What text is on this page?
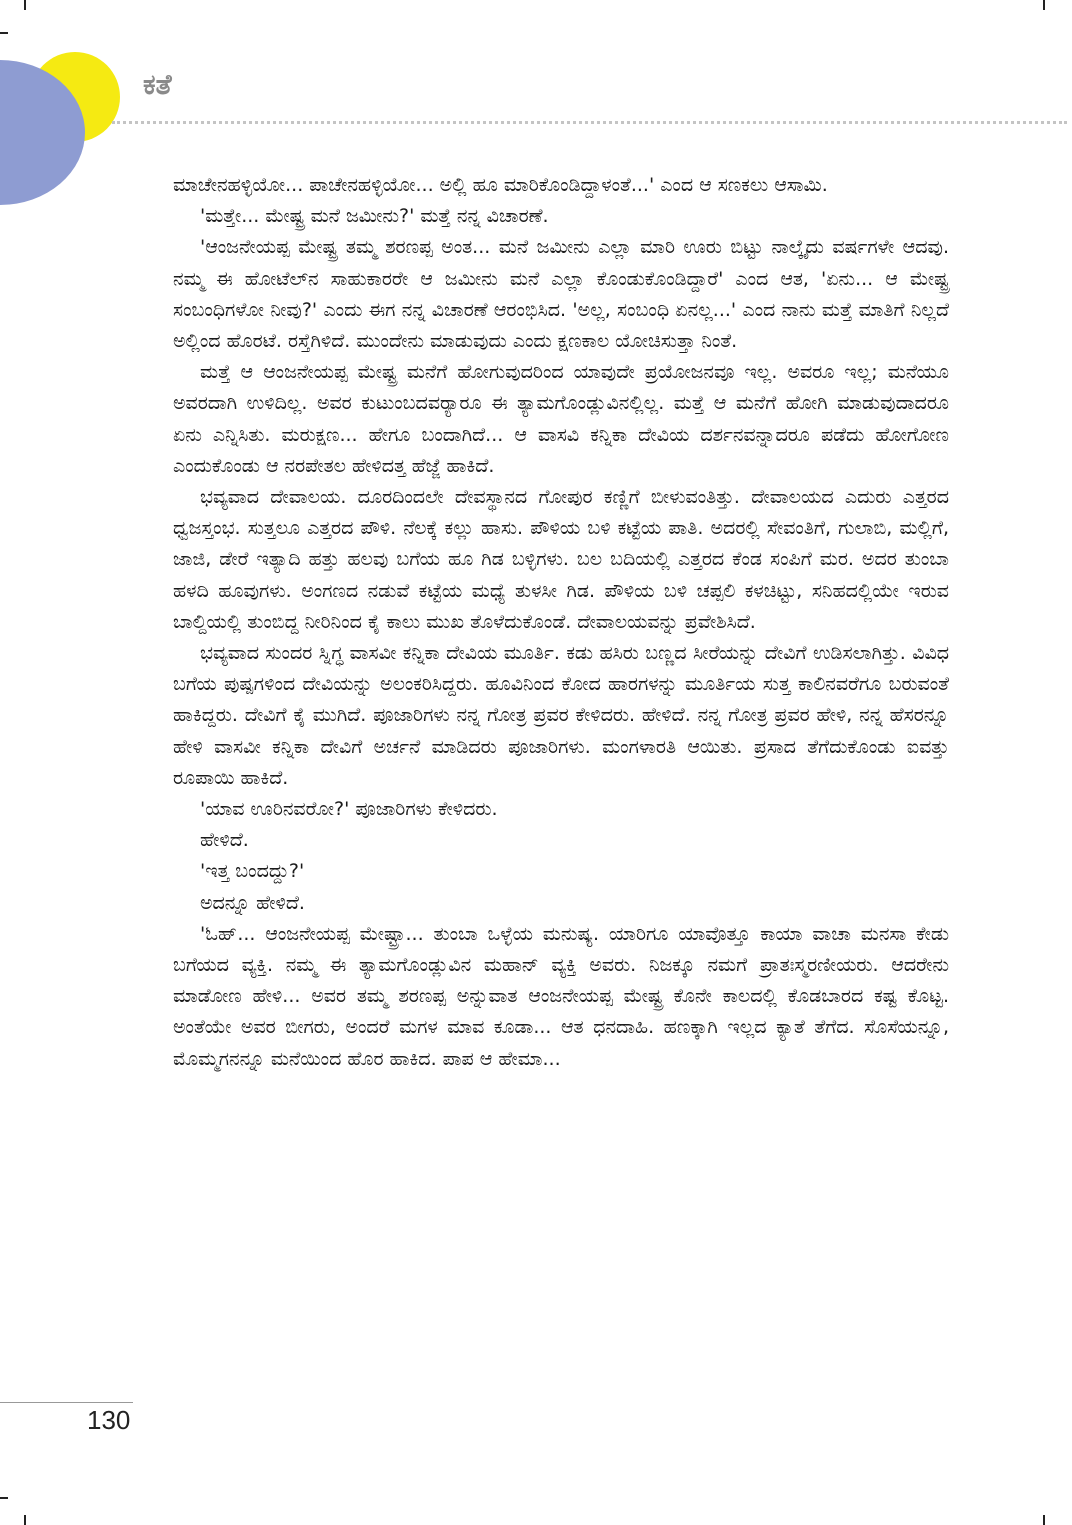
ಕತೆ

ಮಾಚೇನಹಳ್ಳಿಯೋ... ಪಾಚೇನಹಳ್ಳಿಯೋ... ಅಲ್ಲಿ ಹೂ ಮಾರಿಕೊಂಡಿದ್ದಾಳಂತೆ...' ಎಂದ ಆ ಸಣಕಲು ಆಸಾಮಿ.

'ಮತ್ತೇ... ಮೇಷ್ಟ್ರ ಮನೆ ಜಮೀನು?' ಮತ್ತೆ ನನ್ನ ವಿಚಾರಣೆ.

'ಆಂಜನೇಯಪ್ಪ ಮೇಷ್ಟ್ರ ತಮ್ಮ ಶರಣಪ್ಪ ಅಂತ... ಮನೆ ಜಮೀನು ಎಲ್ಲಾ ಮಾರಿ ಊರು ಬಿಟ್ಟು ನಾಲ್ಕೈದು ವರ್ಷಗಳೇ ಆದವು. ನಮ್ಮ ಈ ಹೋಟೆಲ್‌ನ ಸಾಹುಕಾರರೇ ಆ ಜಮೀನು ಮನೆ ಎಲ್ಲಾ ಕೊಂಡುಕೊಂಡಿದ್ದಾರೆ' ಎಂದ ಆತ, 'ಏನು... ಆ ಮೇಷ್ಟ್ರ ಸಂಬಂಧಿಗಳೋ ನೀವು?' ಎಂದು ಈಗ ನನ್ನ ವಿಚಾರಣೆ ಆರಂಭಿಸಿದ. 'ಅಲ್ಲ, ಸಂಬಂಧಿ ಏನಲ್ಲ...' ಎಂದ ನಾನು ಮತ್ತೆ ಮಾತಿಗೆ ನಿಲ್ಲದೆ ಅಲ್ಲಿಂದ ಹೊರಟೆ. ರಸ್ತೆಗಿಳಿದೆ. ಮುಂದೇನು ಮಾಡುವುದು ಎಂದು ಕ್ಷಣಕಾಲ ಯೋಚಿಸುತ್ತಾ ನಿಂತೆ.

ಮತ್ತೆ ಆ ಆಂಜನೇಯಪ್ಪ ಮೇಷ್ಟ್ರ ಮನೆಗೆ ಹೋಗುವುದರಿಂದ ಯಾವುದೇ ಪ್ರಯೋಜನವೂ ಇಲ್ಲ. ಅವರೂ ಇಲ್ಲ; ಮನೆಯೂ ಅವರದಾಗಿ ಉಳಿದಿಲ್ಲ. ಅವರ ಕುಟುಂಬದವರ್‍ಯಾರೂ ಈ ತ್ಯಾಮಗೊಂಡ್ಲುವಿನಲ್ಲಿಲ್ಲ. ಮತ್ತೆ ಆ ಮನೆಗೆ ಹೋಗಿ ಮಾಡುವುದಾದರೂ ಏನು ಎನ್ನಿಸಿತು. ಮರುಕ್ಷಣ... ಹೇಗೂ ಬಂದಾಗಿದೆ... ಆ ವಾಸವಿ ಕನ್ನಿಕಾ ದೇವಿಯ ದರ್ಶನವನ್ನಾದರೂ ಪಡೆದು ಹೋಗೋಣ ಎಂದುಕೊಂಡು ಆ ನರಪೇತಲ ಹೇಳಿದತ್ತ ಹೆಜ್ಜೆ ಹಾಕಿದೆ.

ಭವ್ಯವಾದ ದೇವಾಲಯ. ದೂರದಿಂದಲೇ ದೇವಸ್ಥಾನದ ಗೋಪುರ ಕಣ್ಣಿಗೆ ಬೀಳುವಂತಿತ್ತು. ದೇವಾಲಯದ ಎದುರು ಎತ್ತರದ ಧ್ವಜಸ್ತಂಭ. ಸುತ್ತಲೂ ಎತ್ತರದ ಪೌಳಿ. ನೆಲಕ್ಕೆ ಕಲ್ಲು ಹಾಸು. ಪೌಳಿಯ ಬಳಿ ಕಟ್ಟೆಯ ಪಾತಿ. ಅದರಲ್ಲಿ ಸೇವಂತಿಗೆ, ಗುಲಾಬಿ, ಮಲ್ಲಿಗೆ, ಜಾಜಿ, ಡೇರೆ ಇತ್ಯಾದಿ ಹತ್ತು ಹಲವು ಬಗೆಯ ಹೂ ಗಿಡ ಬಳ್ಳಿಗಳು. ಬಲ ಬದಿಯಲ್ಲಿ ಎತ್ತರದ ಕೆಂಡ ಸಂಪಿಗೆ ಮರ. ಅದರ ತುಂಬಾ ಹಳದಿ ಹೂವುಗಳು. ಅಂಗಣದ ನಡುವೆ ಕಟ್ಟೆಯ ಮಧ್ಯೆ ತುಳಸೀ ಗಿಡ. ಪೌಳಿಯ ಬಳಿ ಚಪ್ಪಲಿ ಕಳಚಿಟ್ಟು, ಸನಿಹದಲ್ಲಿಯೇ ಇರುವ ಬಾಲ್ದಿಯಲ್ಲಿ ತುಂಬಿದ್ದ ನೀರಿನಿಂದ ಕೈ ಕಾಲು ಮುಖ ತೊಳೆದುಕೊಂಡೆ. ದೇವಾಲಯವನ್ನು ಪ್ರವೇಶಿಸಿದೆ.

ಭವ್ಯವಾದ ಸುಂದರ ಸ್ನಿಗ್ಧ ವಾಸವೀ ಕನ್ನಿಕಾ ದೇವಿಯ ಮೂರ್ತಿ. ಕಡು ಹಸಿರು ಬಣ್ಣದ ಸೀರೆಯನ್ನು ದೇವಿಗೆ ಉಡಿಸಲಾಗಿತ್ತು. ವಿವಿಧ ಬಗೆಯ ಪುಷ್ಪಗಳಿಂದ ದೇವಿಯನ್ನು ಅಲಂಕರಿಸಿದ್ದರು. ಹೂವಿನಿಂದ ಕೋದ ಹಾರಗಳನ್ನು ಮೂರ್ತಿಯ ಸುತ್ತ ಕಾಲಿನವರೆಗೂ ಬರುವಂತೆ ಹಾಕಿದ್ದರು. ದೇವಿಗೆ ಕೈ ಮುಗಿದೆ. ಪೂಜಾರಿಗಳು ನನ್ನ ಗೋತ್ರ ಪ್ರವರ ಕೇಳಿದರು. ಹೇಳಿದೆ. ನನ್ನ ಗೋತ್ರ ಪ್ರವರ ಹೇಳಿ, ನನ್ನ ಹೆಸರನ್ನೂ ಹೇಳಿ ವಾಸವೀ ಕನ್ನಿಕಾ ದೇವಿಗೆ ಅರ್ಚನೆ ಮಾಡಿದರು ಪೂಜಾರಿಗಳು. ಮಂಗಳಾರತಿ ಆಯಿತು. ಪ್ರಸಾದ ತೆಗೆದುಕೊಂಡು ಐವತ್ತು ರೂಪಾಯಿ ಹಾಕಿದೆ.

'ಯಾವ ಊರಿನವರೋ?' ಪೂಜಾರಿಗಳು ಕೇಳಿದರು.

ಹೇಳಿದೆ.

'ಇತ್ತ ಬಂದದ್ದು?'

ಅದನ್ನೂ ಹೇಳಿದೆ.

'ಓಹ್... ಆಂಜನೇಯಪ್ಪ ಮೇಷ್ಟ್ರಾ... ತುಂಬಾ ಒಳ್ಳೆಯ ಮನುಷ್ಯ. ಯಾರಿಗೂ ಯಾವೊತ್ತೂ ಕಾಯಾ ವಾಚಾ ಮನಸಾ ಕೇಡು ಬಗೆಯದ ವ್ಯಕ್ತಿ. ನಮ್ಮ ಈ ತ್ಯಾಮಗೊಂಡ್ಲುವಿನ ಮಹಾನ್ ವ್ಯಕ್ತಿ ಅವರು. ನಿಜಕ್ಕೂ ನಮಗೆ ಪ್ರಾತಃಸ್ಮರಣೀಯರು. ಆದರೇನು ಮಾಡೋಣ ಹೇಳಿ... ಅವರ ತಮ್ಮ ಶರಣಪ್ಪ ಅನ್ನುವಾತ ಆಂಜನೇಯಪ್ಪ ಮೇಷ್ಟ್ರ ಕೊನೇ ಕಾಲದಲ್ಲಿ ಕೊಡಬಾರದ ಕಷ್ಟ ಕೊಟ್ಟ. ಅಂತೆಯೇ ಅವರ ಬೀಗರು, ಅಂದರೆ ಮಗಳ ಮಾವ ಕೂಡಾ... ಆತ ಧನದಾಹಿ. ಹಣಕ್ಕಾಗಿ ಇಲ್ಲದ ಕ್ಯಾತೆ ತೆಗೆದ. ಸೊಸೆಯನ್ನೂ, ಮೊಮ್ಮಗನನ್ನೂ ಮನೆಯಿಂದ ಹೊರ ಹಾಕಿದ. ಪಾಪ ಆ ಹೇಮಾ...

130
